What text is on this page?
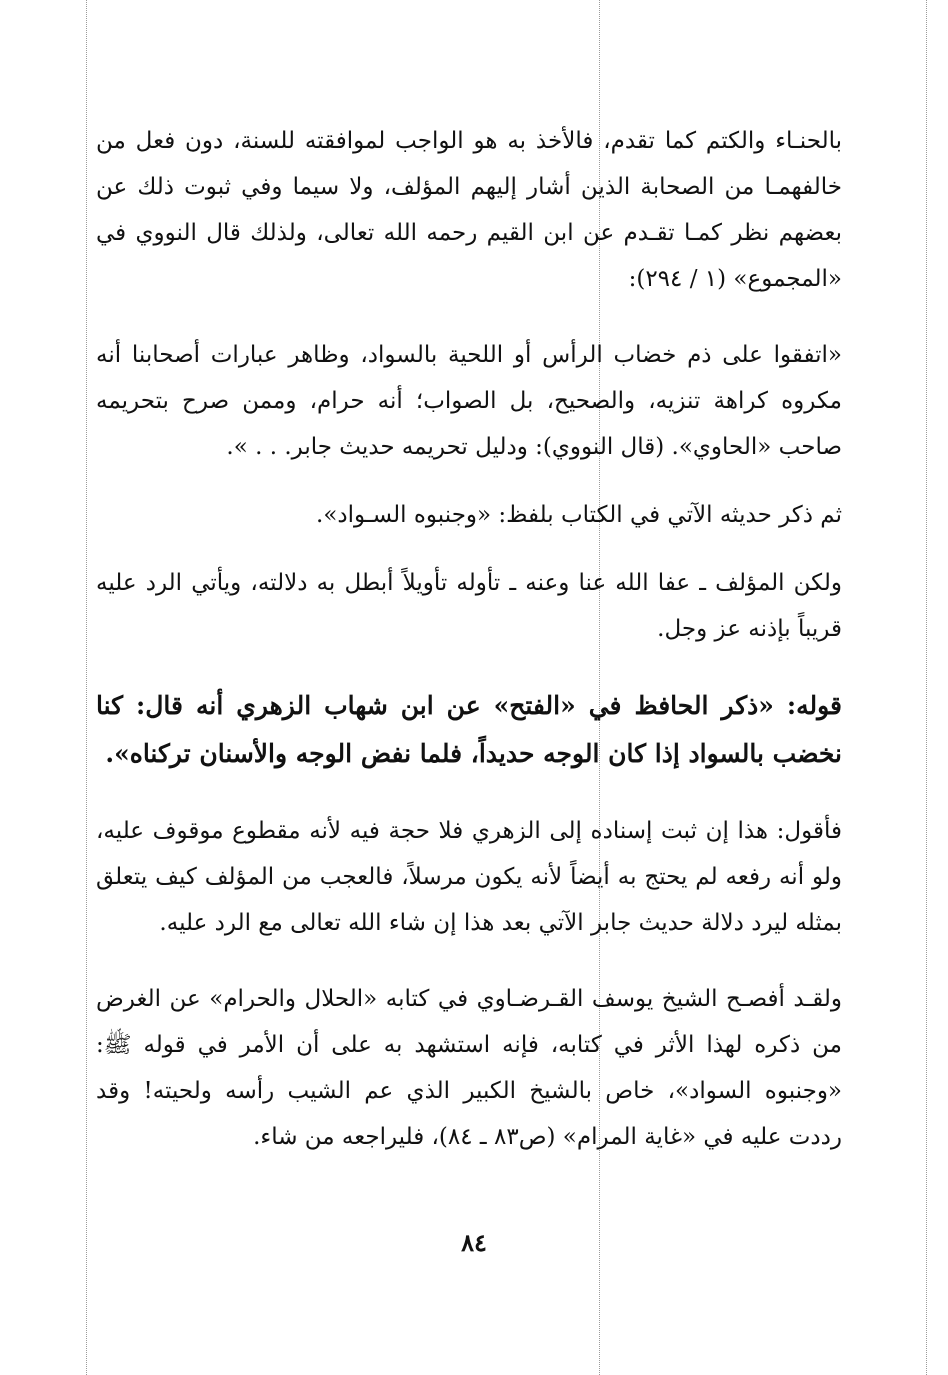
بالحنـاء والكتم كما تقدم، فالأخذ به هو الواجب لموافقته للسنة، دون فعل من خالفهمـا من الصحابة الذين أشار إليهم المؤلف، ولا سيما وفي ثبوت ذلك عن بعضهم نظر كمـا تقـدم عن ابن القيم رحمه الله تعالى، ولذلك قال النووي في «المجموع» (١ / ٢٩٤):

«اتفقوا على ذم خضاب الرأس أو اللحية بالسواد، وظاهر عبارات أصحابنا أنه مكروه كراهة تنزيه، والصحيح، بل الصواب؛ أنه حرام، وممن صرح بتحريمه صاحب «الحاوي». (قال النووي): ودليل تحريمه حديث جابر. . . ».

ثم ذكر حديثه الآتي في الكتاب بلفظ: «وجنبوه السـواد».

ولكن المؤلف ـ عفا الله عنا وعنه ـ تأوله تأويلاً أبطل به دلالته، ويأتي الرد عليه قريباً بإذنه عز وجل.

قوله: «ذكر الحافظ في «الفتح» عن ابن شهاب الزهري أنه قال: كنا نخضب بالسواد إذا كان الوجه حديداً، فلما نفض الوجه والأسنان تركناه».

فأقول: هذا إن ثبت إسناده إلى الزهري فلا حجة فيه لأنه مقطوع موقوف عليه، ولو أنه رفعه لم يحتج به أيضاً لأنه يكون مرسلاً، فالعجب من المؤلف كيف يتعلق بمثله ليرد دلالة حديث جابر الآتي بعد هذا إن شاء الله تعالى مع الرد عليه.

ولقـد أفصـح الشيخ يوسف القـرضـاوي في كتابه «الحلال والحرام» عن الغرض من ذكره لهذا الأثر في كتابه، فإنه استشهد به على أن الأمر في قوله ﷺ: «وجنبوه السواد»، خاص بالشيخ الكبير الذي عم الشيب رأسه ولحيته! وقد رددت عليه في «غاية المرام» (ص٨٣ ـ ٨٤)، فليراجعه من شاء.

٨٤
